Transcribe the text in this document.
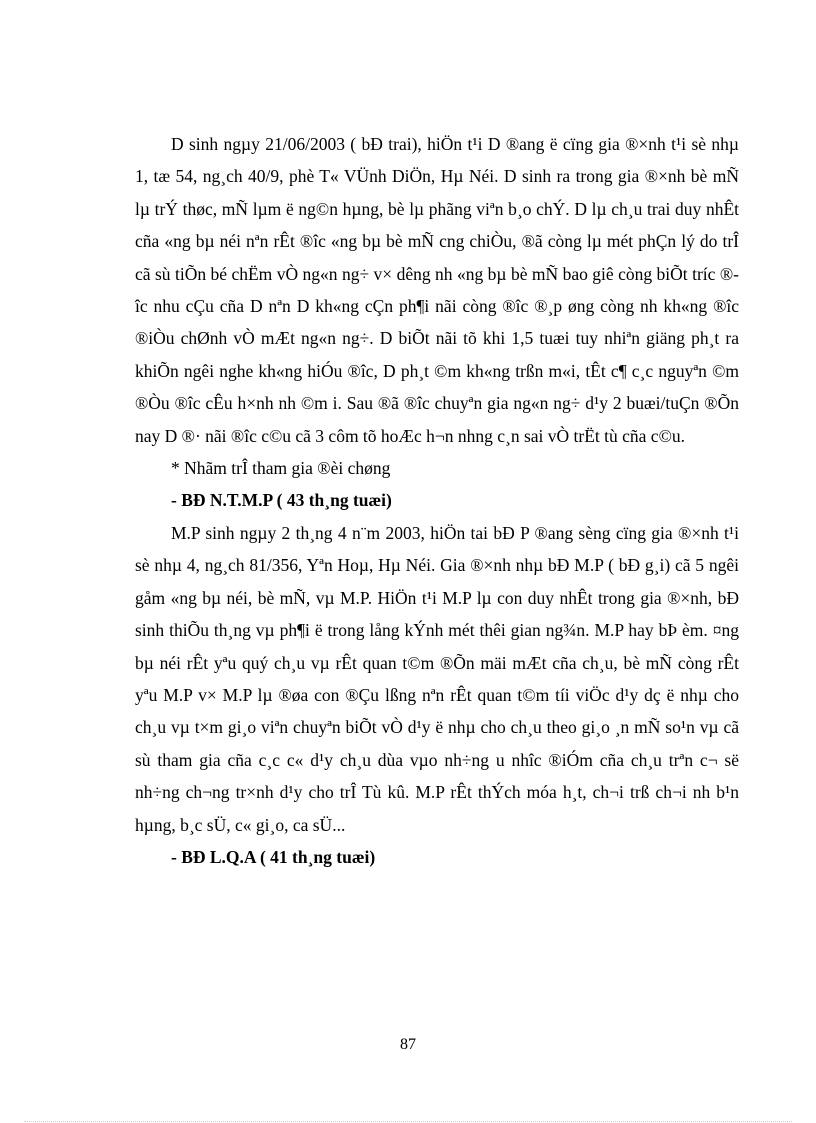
D sinh ngµy 21/06/2003 ( bÐ trai), hiÖn t¹i D ®ang ë cïng gia ®×nh t¹i sè nhµ 1, tæ 54, ng¸ch 40/9, phè T« VÜnh DiÖn, Hµ Néi. D sinh ra trong gia ®×nh bè mÑ lµ trÝ thøc, mÑ lµm ë ng©n hµng, bè lµ phãng viªn b¸o chÝ. D lµ ch¸u trai duy nhÊt cña «ng bµ néi nªn rÊt ®îc «ng bµ bè mÑ cng chiÒu, ®ã còng lµ mét phÇn lý do trÎ cã sù tiÕn bé chËm vÒ ng«n ng÷ v× dêng nh «ng bµ bè mÑ bao giê còng biÕt tríc ®îc nhu cÇu cña D nªn D kh«ng cÇn ph¶i nãi còng ®îc ®¸p øng còng nh kh«ng ®îc ®iÒu chØnh vÒ mÆt ng«n ng÷. D biÕt nãi tõ khi 1,5 tuæi tuy nhiªn giäng ph¸t ra khiÕn ngêi nghe kh«ng hiÓu ®îc, D ph¸t ©m kh«ng trßn m«i, tÊt c¶ c¸c nguyªn ©m ®Òu ®îc cÊu h×nh nh ©m i. Sau ®ã ®îc chuyªn gia ng«n ng÷ d¹y 2 buæi/tuÇn ®Õn nay D ®· nãi ®îc c©u cã 3 côm tõ hoÆc h¬n nhng c¸n sai vÒ trËt tù cña c©u.

* Nhãm trÎ tham gia ®èi chøng

- BÐ N.T.M.P ( 43 th¸ng tuæi)

M.P sinh ngµy 2 th¸ng 4 n¨m 2003, hiÖn tai bÐ P ®ang sèng cïng gia ®×nh t¹i sè nhµ 4, ng¸ch 81/356, Yªn Hoµ, Hµ Néi. Gia ®×nh nhµ bÐ M.P ( bÐ g¸i) cã 5 ngêi gåm «ng bµ néi, bè mÑ, vµ M.P. HiÖn t¹i M.P lµ con duy nhÊt trong gia ®×nh, bÐ sinh thiÕu th¸ng vµ ph¶i ë trong lång kÝnh mét thêi gian ng¾n. M.P hay bÞ èm. ¤ng bµ néi rÊt yªu quý ch¸u vµ rÊt quan t©m ®Õn mäi mÆt cña ch¸u, bè mÑ còng rÊt yªu M.P v× M.P lµ ®øa con ®Çu lßng nªn rÊt quan t©m tíi viÖc d¹y dç ë nhµ cho ch¸u vµ t×m gi¸o viªn chuyªn biÕt vÒ d¹y ë nhµ cho ch¸u theo gi¸o ¸n mÑ so¹n vµ cã sù tham gia cña c¸c c« d¹y ch¸u dùa vµo nh÷ng u nhîc ®iÓm cña ch¸u trªn c¬ së nh÷ng ch¬ng tr×nh d¹y cho trÎ Tù kû. M.P rÊt thÝch móa h¸t, ch¬i trß ch¬i nh b¹n hµng, b¸c sÜ, c« gi¸o, ca sÜ...

- BÐ L.Q.A ( 41 th¸ng tuæi)

87
